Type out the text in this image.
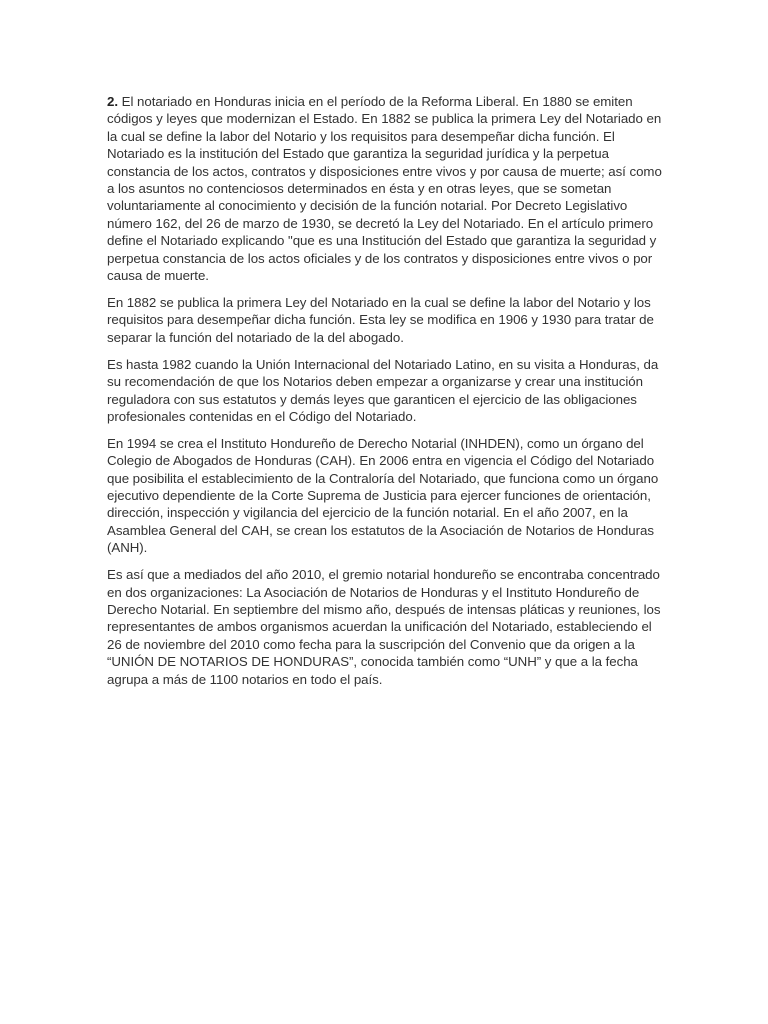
2. El notariado en Honduras inicia en el período de la Reforma Liberal. En 1880 se emiten códigos y leyes que modernizan el Estado. En 1882 se publica la primera Ley del Notariado en la cual se define la labor del Notario y los requisitos para desempeñar dicha función. El Notariado es la institución del Estado que garantiza la seguridad jurídica y la perpetua constancia de los actos, contratos y disposiciones entre vivos y por causa de muerte; así como a los asuntos no contenciosos determinados en ésta y en otras leyes, que se sometan voluntariamente al conocimiento y decisión de la función notarial. Por Decreto Legislativo número 162, del 26 de marzo de 1930, se decretó la Ley del Notariado. En el artículo primero define el Notariado explicando "que es una Institución del Estado que garantiza la seguridad y perpetua constancia de los actos oficiales y de los contratos y disposiciones entre vivos o por causa de muerte.

En 1882 se publica la primera Ley del Notariado en la cual se define la labor del Notario y los requisitos para desempeñar dicha función. Esta ley se modifica en 1906 y 1930 para tratar de separar la función del notariado de la del abogado.

Es hasta 1982 cuando la Unión Internacional del Notariado Latino, en su visita a Honduras, da su recomendación de que los Notarios deben empezar a organizarse y crear una institución reguladora con sus estatutos y demás leyes que garanticen el ejercicio de las obligaciones profesionales contenidas en el Código del Notariado.

En 1994 se crea el Instituto Hondureño de Derecho Notarial (INHDEN), como un órgano del Colegio de Abogados de Honduras (CAH). En 2006 entra en vigencia el Código del Notariado que posibilita el establecimiento de la Contraloría del Notariado, que funciona como un órgano ejecutivo dependiente de la Corte Suprema de Justicia para ejercer funciones de orientación, dirección, inspección y vigilancia del ejercicio de la función notarial. En el año 2007, en la Asamblea General del CAH, se crean los estatutos de la Asociación de Notarios de Honduras (ANH).

Es así que a mediados del año 2010, el gremio notarial hondureño se encontraba concentrado en dos organizaciones: La Asociación de Notarios de Honduras y el Instituto Hondureño de Derecho Notarial. En septiembre del mismo año, después de intensas pláticas y reuniones, los representantes de ambos organismos acuerdan la unificación del Notariado, estableciendo el 26 de noviembre del 2010 como fecha para la suscripción del Convenio que da origen a la “UNIÓN DE NOTARIOS DE HONDURAS”, conocida también como “UNH” y que a la fecha agrupa a más de 1100 notarios en todo el país.
